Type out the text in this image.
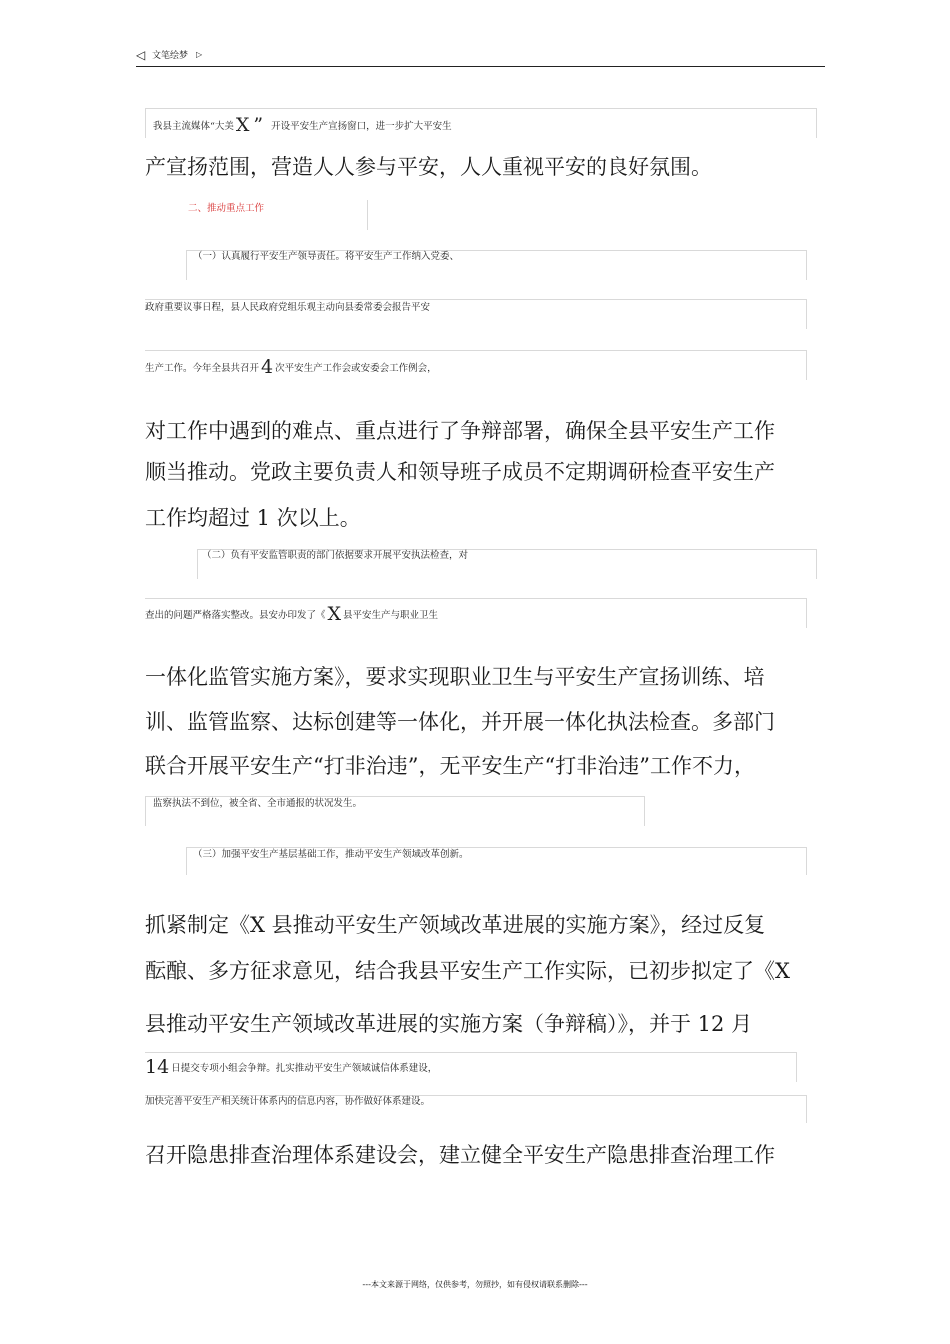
◁ 文笔绘梦 ▷
我县主流媒体“大美 X ” 开设平安生产宣扬窗口，进一步扩大平安生
产宣扬范围，营造人人参与平安，人人重视平安的良好氛围。
二、推动重点工作
（一）认真履行平安生产领导责任。将平安生产工作纳入党委、
政府重要议事日程，县人民政府党组乐观主动向县委常委会报告平安
生产工作。今年全县共召开 4 次平安生产工作会或安委会工作例会，
对工作中遇到的难点、重点进行了争辩部署，确保全县平安生产工作
顺当推动。党政主要负责人和领导班子成员不定期调研检查平安生产
工作均超过 1 次以上。
（二）负有平安监管职责的部门依据要求开展平安执法检查，对
查出的问题严格落实整改。县安办印发了《 X 县平安生产与职业卫生
一体化监管实施方案》，要求实现职业卫生与平安生产宣扬训练、培
训、监管监察、达标创建等一体化，并开展一体化执法检查。多部门
联合开展平安生产“打非治违”，无平安生产“打非治违”工作不力，
监察执法不到位，被全省、全市通报的状况发生。
（三）加强平安生产基层基础工作，推动平安生产领域改革创新。
抓紧制定《X 县推动平安生产领域改革进展的实施方案》，经过反复
酝酿、多方征求意见，结合我县平安生产工作实际，已初步拟定了《X
县推动平安生产领域改革进展的实施方案（争辩稿）》，并于 12 月
14 日提交专项小组会争辩。扎实推动平安生产领域诚信体系建设，
加快完善平安生产相关统计体系内的信息内容，协作做好体系建设。
召开隐患排查治理体系建设会，建立健全平安生产隐患排查治理工作
---本文来源于网络，仅供参考，勿照抄，如有侵权请联系删除---
